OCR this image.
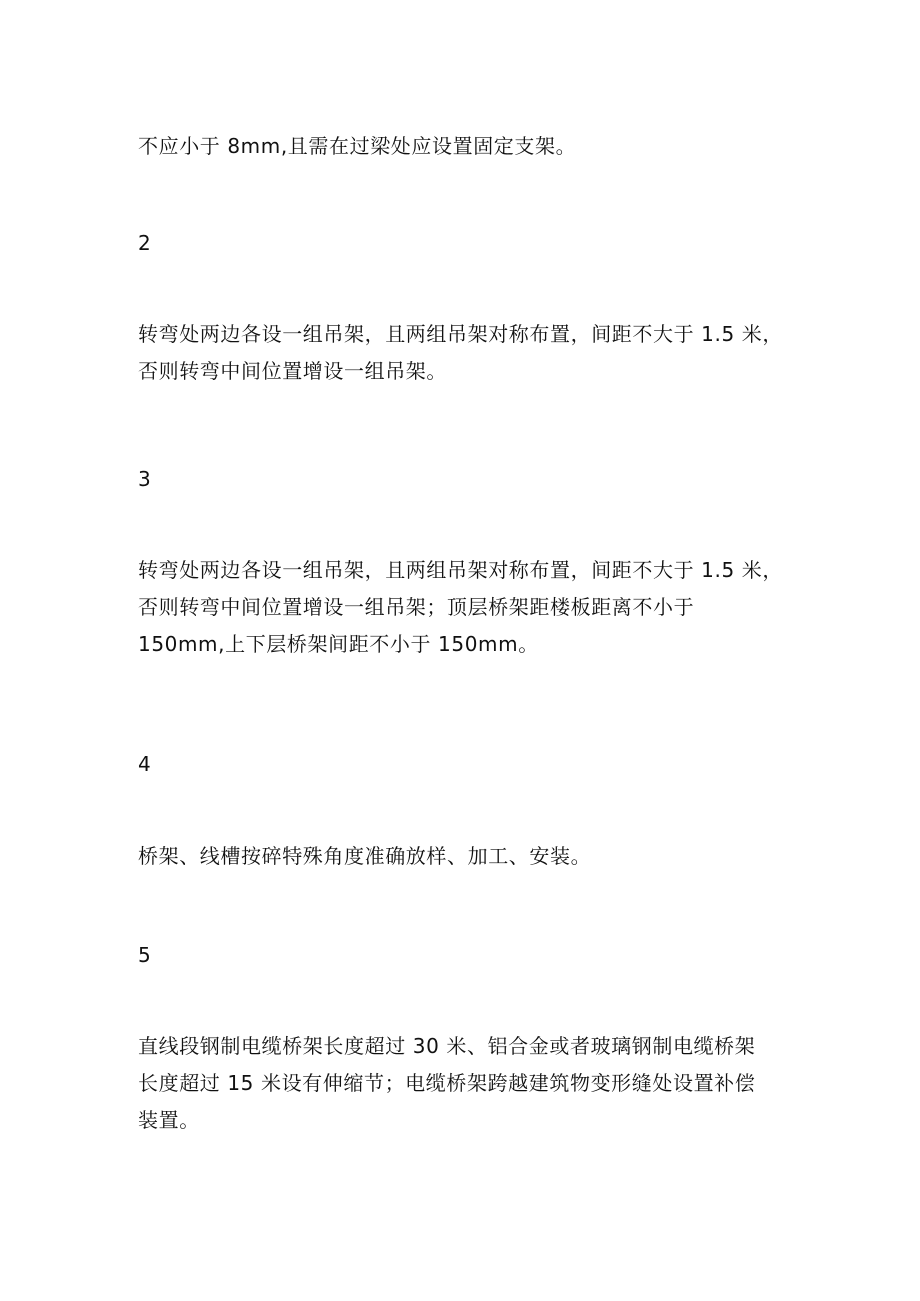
不应小于 8mm,且需在过梁处应设置固定支架。

2

转弯处两边各设一组吊架，且两组吊架对称布置，间距不大于 1.5 米，
否则转弯中间位置增设一组吊架。

3

转弯处两边各设一组吊架，且两组吊架对称布置，间距不大于 1.5 米，
否则转弯中间位置增设一组吊架；顶层桥架距楼板距离不小于
150mm,上下层桥架间距不小于 150mm。

4

桥架、线槽按碎特殊角度准确放样、加工、安装。

5

直线段钢制电缆桥架长度超过 30 米、铝合金或者玻璃钢制电缆桥架
长度超过 15 米设有伸缩节；电缆桥架跨越建筑物变形缝处设置补偿
装置。
